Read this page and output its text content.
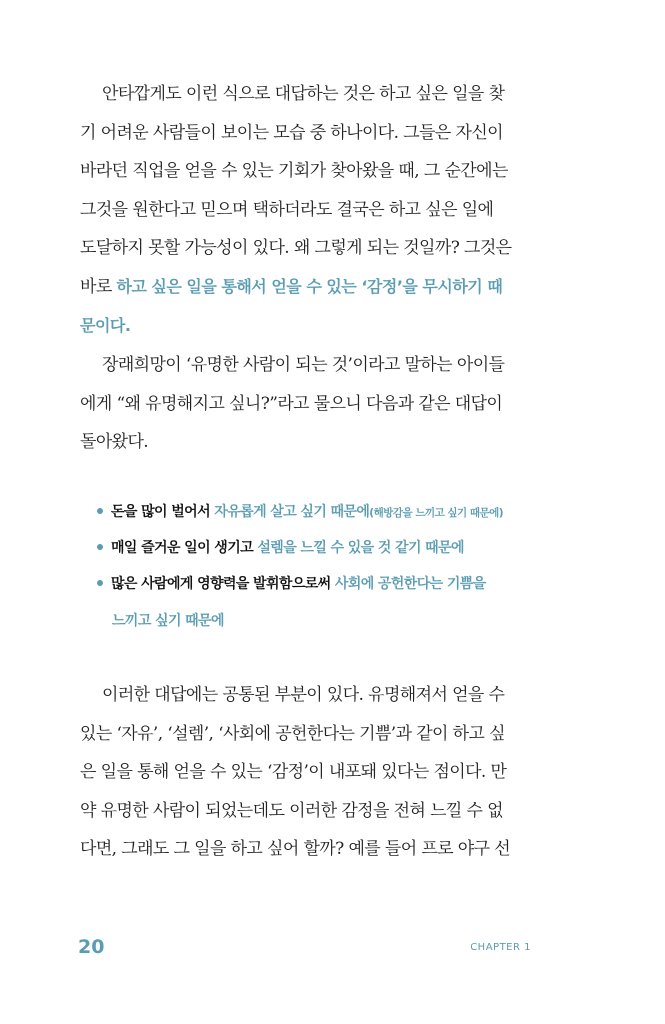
안타깝게도 이런 식으로 대답하는 것은 하고 싶은 일을 찾
기 어려운 사람들이 보이는 모습 중 하나이다. 그들은 자신이
바라던 직업을 얻을 수 있는 기회가 찾아왔을 때, 그 순간에는
그것을 원한다고 믿으며 택하더라도 결국은 하고 싶은 일에
도달하지 못할 가능성이 있다. 왜 그렇게 되는 것일까? 그것은
바로 하고 싶은 일을 통해서 얻을 수 있는 ‘감정’을 무시하기 때
문이다.
장래희망이 ‘유명한 사람이 되는 것’이라고 말하는 아이들
에게 “왜 유명해지고 싶니?”라고 물으니 다음과 같은 대답이
돌아왔다.
돈을 많이 벌어서 자유롭게 살고 싶기 때문에(해방감을 느끼고 싶기 때문에)
매일 즐거운 일이 생기고 설렘을 느낄 수 있을 것 같기 때문에
많은 사람에게 영향력을 발휘함으로써 사회에 공헌한다는 기쁨을
느끼고 싶기 때문에
이러한 대답에는 공통된 부분이 있다. 유명해져서 얻을 수
있는 ‘자유’, ‘설렘’, ‘사회에 공헌한다는 기쁨’과 같이 하고 싶
은 일을 통해 얻을 수 있는 ‘감정’이 내포돼 있다는 점이다. 만
약 유명한 사람이 되었는데도 이러한 감정을 전혀 느낄 수 없
다면, 그래도 그 일을 하고 싶어 할까? 예를 들어 프로 야구 선
20	CHAPTER 1
